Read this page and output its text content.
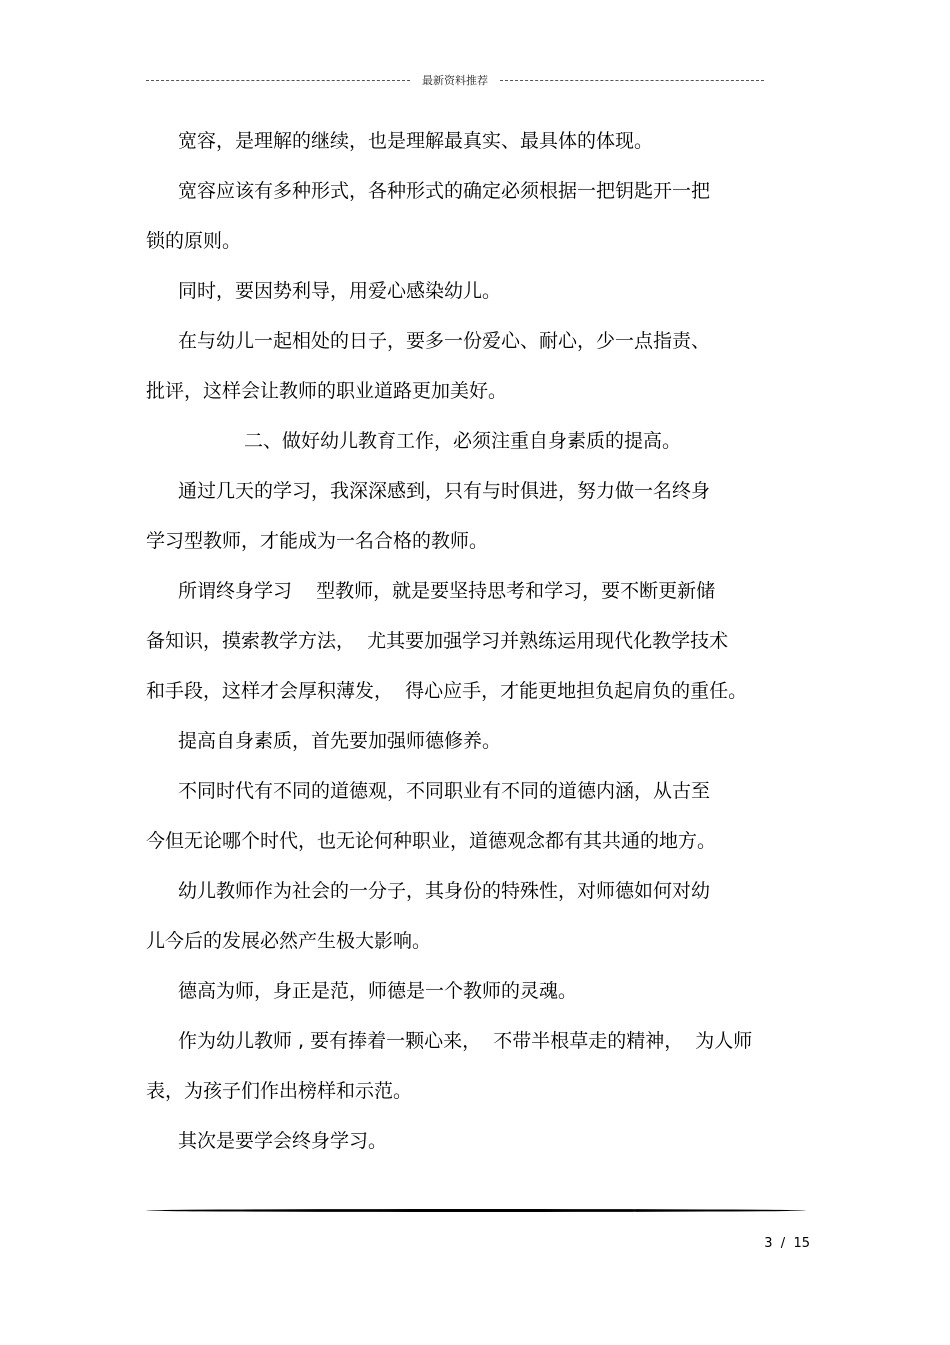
最新资料推荐
宽容，是理解的继续，也是理解最真实、最具体的体现。
宽容应该有多种形式，各种形式的确定必须根据一把钥匙开一把
锁的原则。
同时，要因势利导，用爱心感染幼儿。
在与幼儿一起相处的日子，要多一份爱心、耐心，少一点指责、
批评，这样会让教师的职业道路更加美好。
二、做好幼儿教育工作，必须注重自身素质的提高。
通过几天的学习，我深深感到，只有与时俱进，努力做一名终身
学习型教师，才能成为一名合格的教师。
所谓终身学习    型教师，就是要坚持思考和学习，要不断更新储
备知识，摸索教学方法，  尤其要加强学习并熟练运用现代化教学技术
和手段，这样才会厚积薄发，  得心应手，才能更地担负起肩负的重任。
提高自身素质，首先要加强师德修养。
不同时代有不同的道德观，不同职业有不同的道德内涵，从古至
今但无论哪个时代，也无论何种职业，道德观念都有其共通的地方。
幼儿教师作为社会的一分子，其身份的特殊性，对师德如何对幼
儿今后的发展必然产生极大影响。
德高为师，身正是范，师德是一个教师的灵魂。
作为幼儿教师 , 要有捧着一颗心来，  不带半根草走的精神，  为人师
表，为孩子们作出榜样和示范。
其次是要学会终身学习。
3  /  15
